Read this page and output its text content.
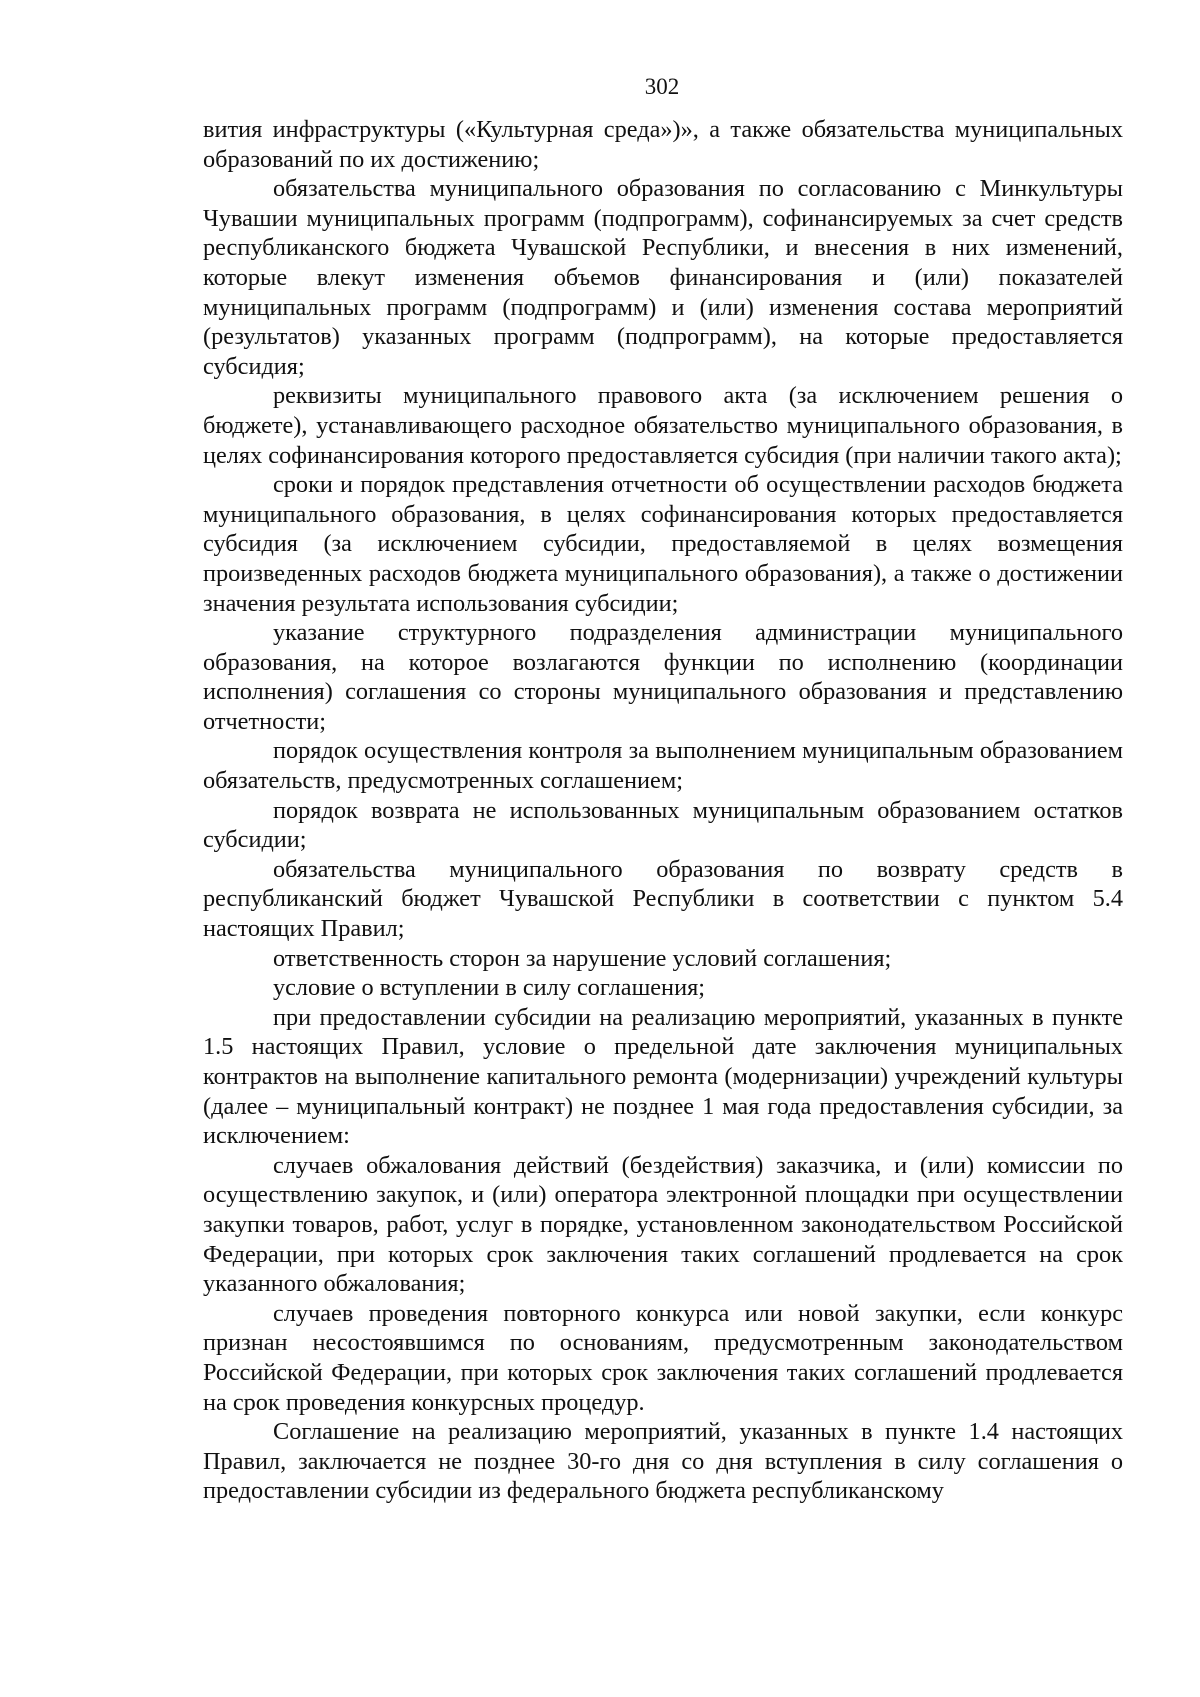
302

вития инфраструктуры («Культурная среда»)», а также обязательства муниципальных образований по их достижению;

обязательства муниципального образования по согласованию с Минкультуры Чувашии муниципальных программ (подпрограмм), софинансируемых за счет средств республиканского бюджета Чувашской Республики, и внесения в них изменений, которые влекут изменения объемов финансирования и (или) показателей муниципальных программ (подпрограмм) и (или) изменения состава мероприятий (результатов) указанных программ (подпрограмм), на которые предоставляется субсидия;

реквизиты муниципального правового акта (за исключением решения о бюджете), устанавливающего расходное обязательство муниципального образования, в целях софинансирования которого предоставляется субсидия (при наличии такого акта);

сроки и порядок представления отчетности об осуществлении расходов бюджета муниципального образования, в целях софинансирования которых предоставляется субсидия (за исключением субсидии, предоставляемой в целях возмещения произведенных расходов бюджета муниципального образования), а также о достижении значения результата использования субсидии;

указание структурного подразделения администрации муниципального образования, на которое возлагаются функции по исполнению (координации исполнения) соглашения со стороны муниципального образования и представлению отчетности;

порядок осуществления контроля за выполнением муниципальным образованием обязательств, предусмотренных соглашением;

порядок возврата не использованных муниципальным образованием остатков субсидии;

обязательства муниципального образования по возврату средств в республиканский бюджет Чувашской Республики в соответствии с пунктом 5.4 настоящих Правил;

ответственность сторон за нарушение условий соглашения;

условие о вступлении в силу соглашения;

при предоставлении субсидии на реализацию мероприятий, указанных в пункте 1.5 настоящих Правил, условие о предельной дате заключения муниципальных контрактов на выполнение капитального ремонта (модернизации) учреждений культуры (далее – муниципальный контракт) не позднее 1 мая года предоставления субсидии, за исключением:

случаев обжалования действий (бездействия) заказчика, и (или) комиссии по осуществлению закупок, и (или) оператора электронной площадки при осуществлении закупки товаров, работ, услуг в порядке, установленном законодательством Российской Федерации, при которых срок заключения таких соглашений продлевается на срок указанного обжалования;

случаев проведения повторного конкурса или новой закупки, если конкурс признан несостоявшимся по основаниям, предусмотренным законодательством Российской Федерации, при которых срок заключения таких соглашений продлевается на срок проведения конкурсных процедур.

Соглашение на реализацию мероприятий, указанных в пункте 1.4 настоящих Правил, заключается не позднее 30-го дня со дня вступления в силу соглашения о предоставлении субсидии из федерального бюджета республиканскому
